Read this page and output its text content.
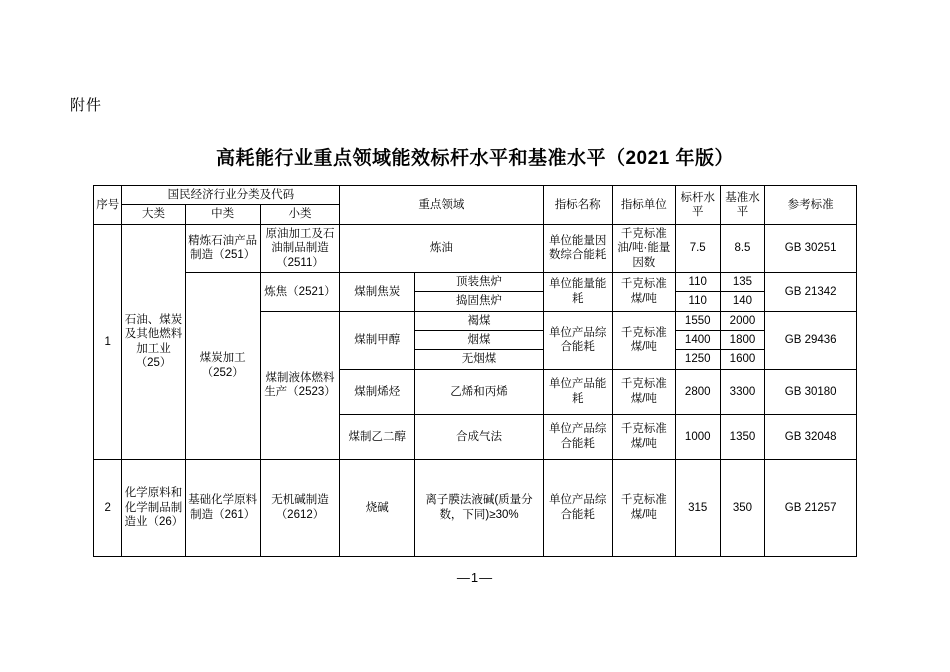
附件
高耗能行业重点领域能效标杆水平和基准水平（2021 年版）
序号	国民经济行业分类及代码			重点领域		指标名称	指标单位	标杆水平	基准水平	参考标准
	大类	中类	小类							
1	石油、煤炭及其他燃料加工业（25）	精炼石油产品制造（251）	原油加工及石油制品制造（2511）	炼油		单位能量因数综合能耗	千克标准油/吨·能量因数	7.5	8.5	GB 30251
		煤炭加工（252）	炼焦（2521）	煤制焦炭	顶装焦炉	单位能量能耗	千克标准煤/吨	110	135	GB 21342
					捣固焦炉			110	140	
			煤制液体燃料生产（2523）	煤制甲醇	褐煤	单位产品综合能耗	千克标准煤/吨	1550	2000	GB 29436
					烟煤			1400	1800	
					无烟煤			1250	1600	
				煤制烯烃	乙烯和丙烯	单位产品能耗	千克标准煤/吨	2800	3300	GB 30180
				煤制乙二醇	合成气法	单位产品综合能耗	千克标准煤/吨	1000	1350	GB 32048
2	化学原料和化学制品制造业（26）	基础化学原料制造（261）	无机碱制造（2612）	烧碱	离子膜法液碱(质量分数，下同)≥30%	单位产品综合能耗	千克标准煤/吨	315	350	GB 21257
—1—
